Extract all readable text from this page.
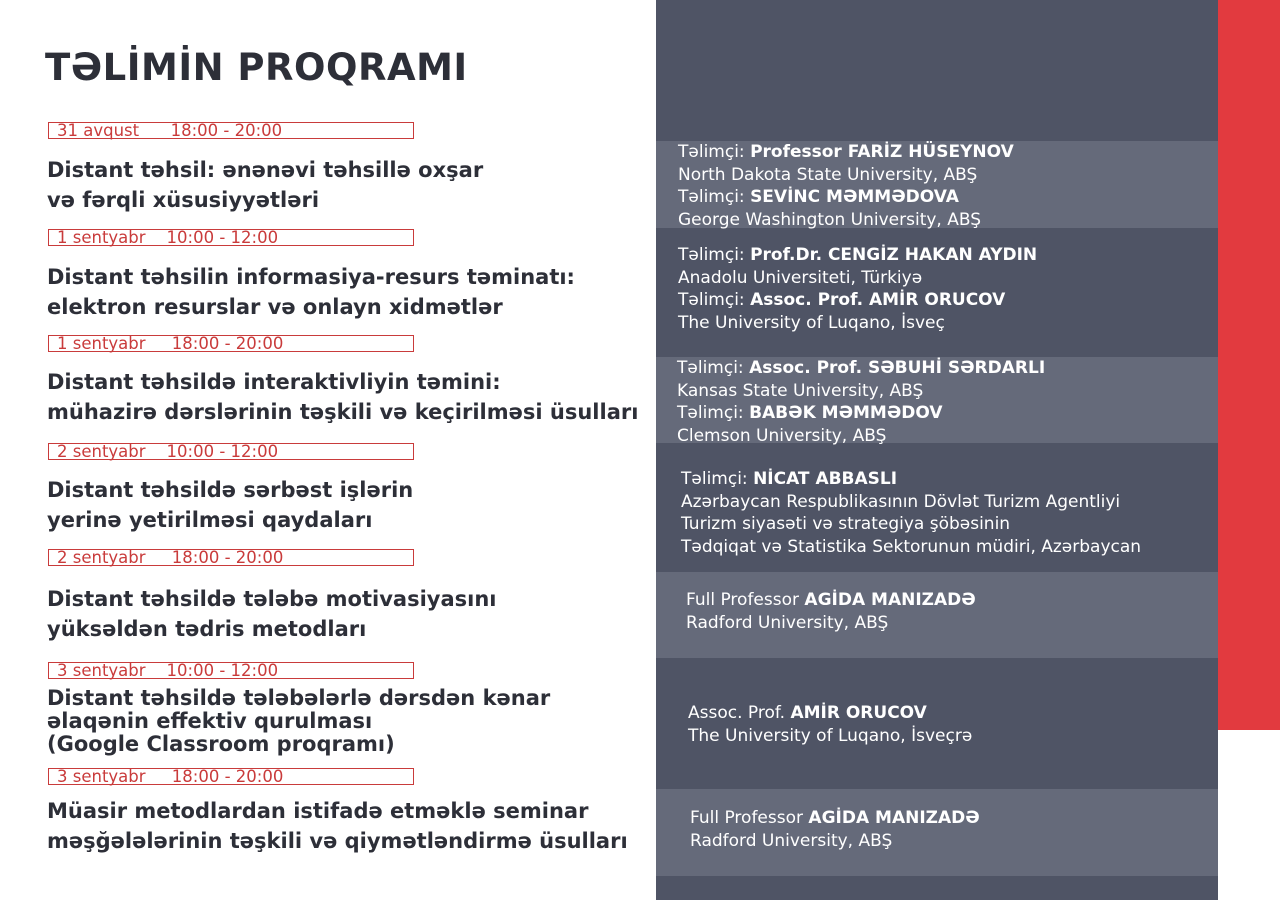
TƏLİMİN PROQRAMI
31 avqust      18:00 - 20:00
Distant təhsil: ənənəvi təhsillə oxşar
və fərqli xüsusiyyətləri
1 sentyabr    10:00 - 12:00
Distant təhsilin informasiya-resurs təminatı:
elektron resurslar və onlayn xidmətlər
1 sentyabr     18:00 - 20:00
Distant təhsildə interaktivliyin təmini:
mühazirə dərslərinin təşkili və keçirilməsi üsulları
2 sentyabr    10:00 - 12:00
Distant təhsildə sərbəst işlərin
yerinə yetirilməsi qaydaları
2 sentyabr     18:00 - 20:00
Distant təhsildə tələbə motivasiyasını
yüksəldən tədris metodları
3 sentyabr    10:00 - 12:00
Distant təhsildə tələbələrlə dərsdən kənar
əlaqənin effektiv qurulması
(Google Classroom proqramı)
3 sentyabr     18:00 - 20:00
Müasir metodlardan istifadə etməklə seminar
məşğələlərinin təşkili və qiymətləndirmə üsulları
Təlimçi: Professor FARİZ HÜSEYNOV
North Dakota State University, ABŞ
Təlimçi: SEVİNC MƏMMƏDOVA
George Washington University, ABŞ
Təlimçi: Prof.Dr. CENGİZ HAKAN AYDIN
Anadolu Universiteti, Türkiyə
Təlimçi: Assoc. Prof. AMİR ORUCOV
The University of Luqano, İsveç
Təlimçi: Assoc. Prof. SƏBUHİ SƏRDARLI
Kansas State University, ABŞ
Təlimçi: BABƏK MƏMMƏDOV
Clemson University, ABŞ
Təlimçi: NİCAT ABBASLI
Azərbaycan Respublikasının Dövlət Turizm Agentliyi
Turizm siyasəti və strategiya şöbəsinin
Tədqiqat və Statistika Sektorunun müdiri, Azərbaycan
Full Professor AGİDA MANIZADƏ
Radford University, ABŞ
Assoc. Prof. AMİR ORUCOV
The University of Luqano, İsveçrə
Full Professor AGİDA MANIZADƏ
Radford University, ABŞ
